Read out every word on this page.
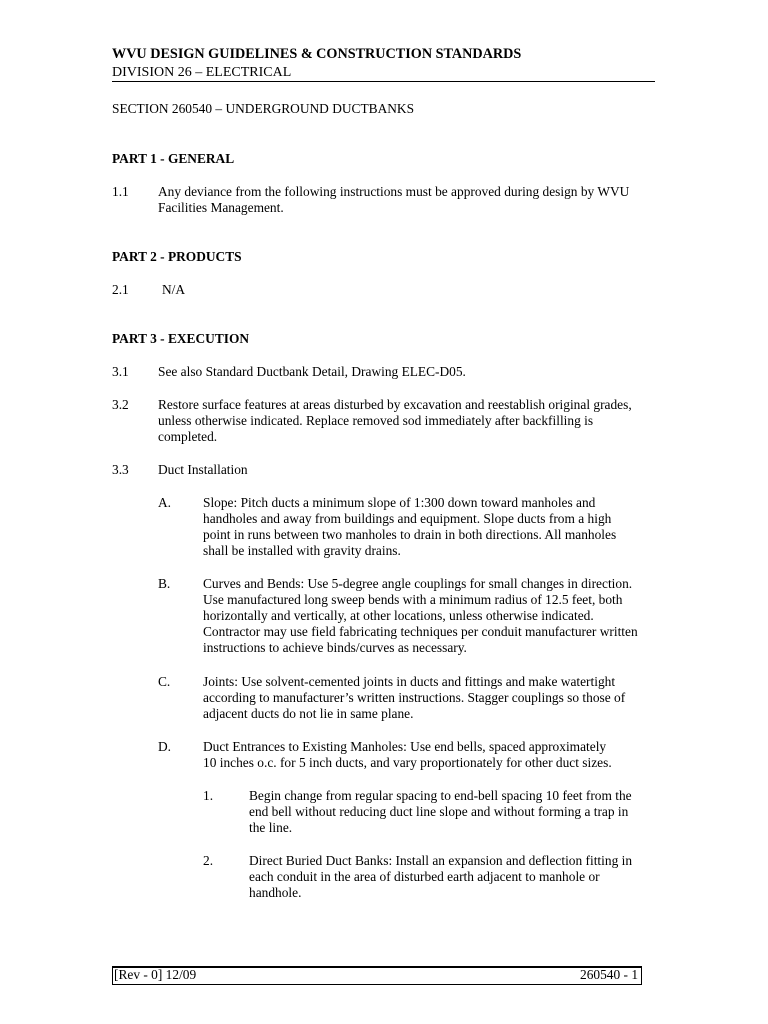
WVU DESIGN GUIDELINES & CONSTRUCTION STANDARDS
DIVISION 26 – ELECTRICAL
SECTION 260540 – UNDERGROUND DUCTBANKS
PART 1 - GENERAL
1.1 Any deviance from the following instructions must be approved during design by WVU
Facilities Management.
PART 2 - PRODUCTS
2.1 N/A
PART 3 - EXECUTION
3.1 See also Standard Ductbank Detail, Drawing ELEC-D05.
3.2 Restore surface features at areas disturbed by excavation and reestablish original grades,
unless otherwise indicated. Replace removed sod immediately after backfilling is
completed.
3.3 Duct Installation
A. Slope: Pitch ducts a minimum slope of 1:300 down toward manholes and
handholes and away from buildings and equipment. Slope ducts from a high
point in runs between two manholes to drain in both directions. All manholes
shall be installed with gravity drains.
B. Curves and Bends: Use 5-degree angle couplings for small changes in direction.
Use manufactured long sweep bends with a minimum radius of 12.5 feet, both
horizontally and vertically, at other locations, unless otherwise indicated.
Contractor may use field fabricating techniques per conduit manufacturer written
instructions to achieve binds/curves as necessary.
C. Joints: Use solvent-cemented joints in ducts and fittings and make watertight
according to manufacturer’s written instructions. Stagger couplings so those of
adjacent ducts do not lie in same plane.
D. Duct Entrances to Existing Manholes: Use end bells, spaced approximately
10 inches o.c. for 5 inch ducts, and vary proportionately for other duct sizes.
1.	Begin change from regular spacing to end-bell spacing 10 feet from the
end bell without reducing duct line slope and without forming a trap in
the line.
2.	Direct Buried Duct Banks: Install an expansion and deflection fitting in
each conduit in the area of disturbed earth adjacent to manhole or
handhole.
[Rev - 0] 12/09	260540 - 1
